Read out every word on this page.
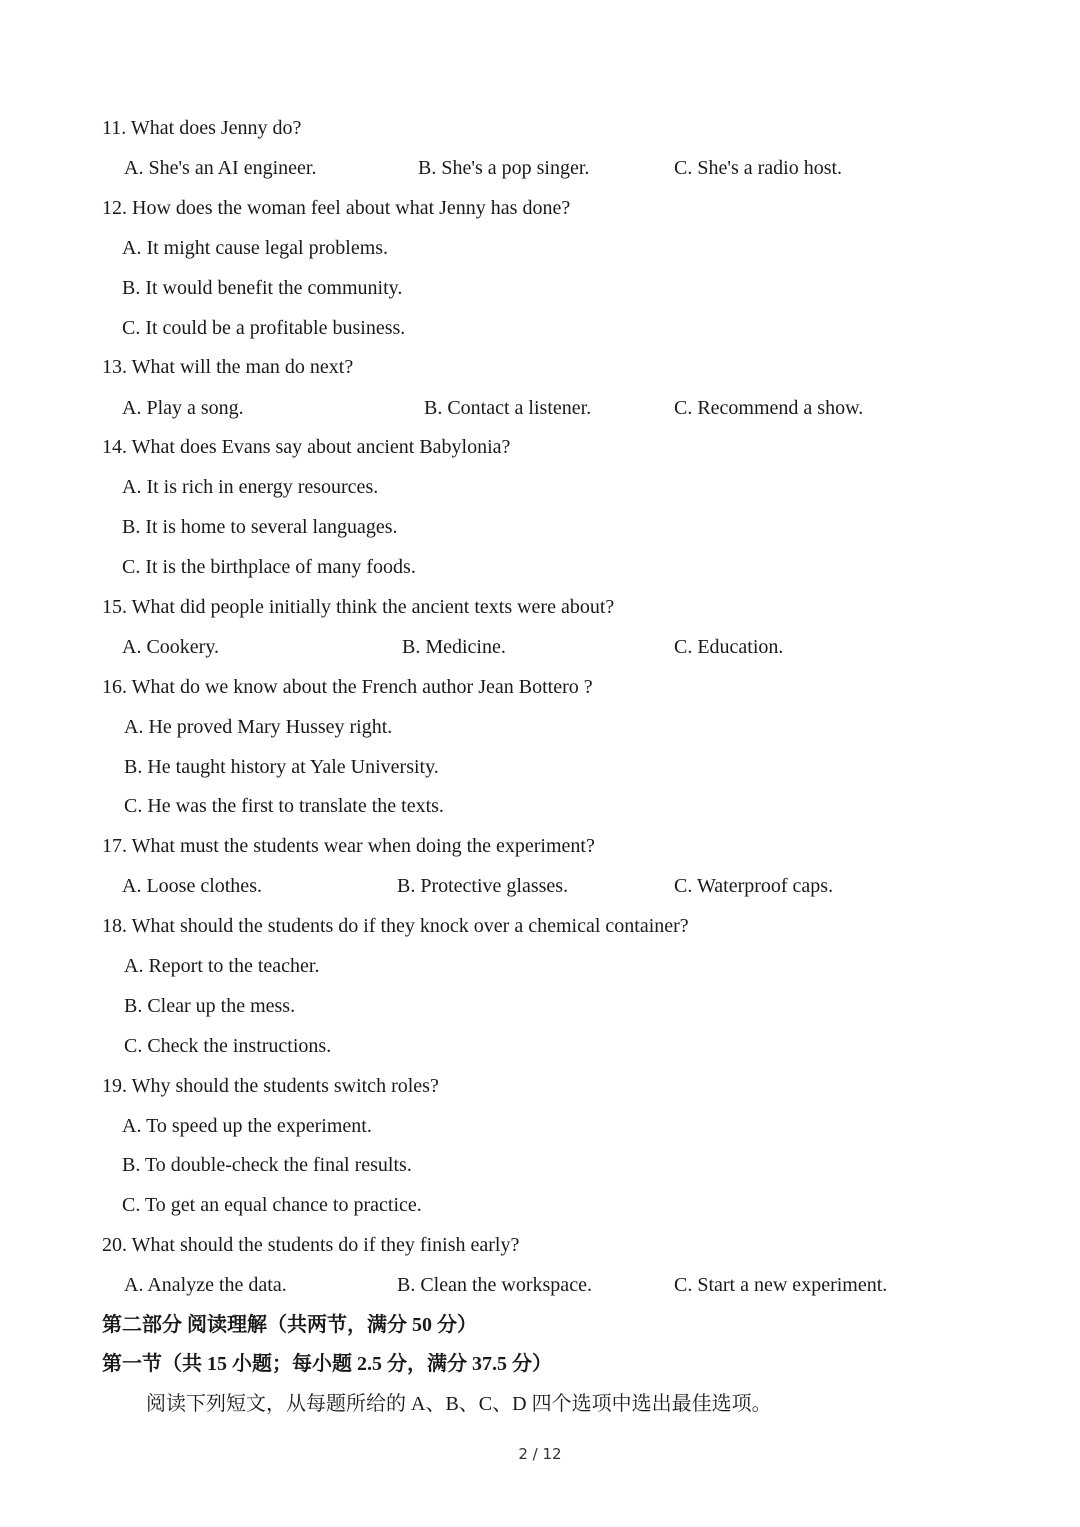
11. What does Jenny do?
A. She's an AI engineer.	B. She's a pop singer.	C. She's a radio host.
12. How does the woman feel about what Jenny has done?
A. It might cause legal problems.
B. It would benefit the community.
C. It could be a profitable business.
13. What will the man do next?
A. Play a song.	B. Contact a listener.	C. Recommend a show.
14. What does Evans say about ancient Babylonia?
A. It is rich in energy resources.
B. It is home to several languages.
C. It is the birthplace of many foods.
15. What did people initially think the ancient texts were about?
A. Cookery.	B. Medicine.	C. Education.
16. What do we know about the French author Jean Bottero ?
A. He proved Mary Hussey right.
B. He taught history at Yale University.
C. He was the first to translate the texts.
17. What must the students wear when doing the experiment?
A. Loose clothes.	B. Protective glasses.	C. Waterproof caps.
18. What should the students do if they knock over a chemical container?
A. Report to the teacher.
B. Clear up the mess.
C. Check the instructions.
19. Why should the students switch roles?
A. To speed up the experiment.
B. To double-check the final results.
C. To get an equal chance to practice.
20. What should the students do if they finish early?
A. Analyze the data.	B. Clean the workspace.	C. Start a new experiment.
第二部分 阅读理解（共两节，满分 50 分）
第一节（共 15 小题；每小题 2.5 分，满分 37.5 分）
阅读下列短文，从每题所给的 A、B、C、D 四个选项中选出最佳选项。
2 / 12
